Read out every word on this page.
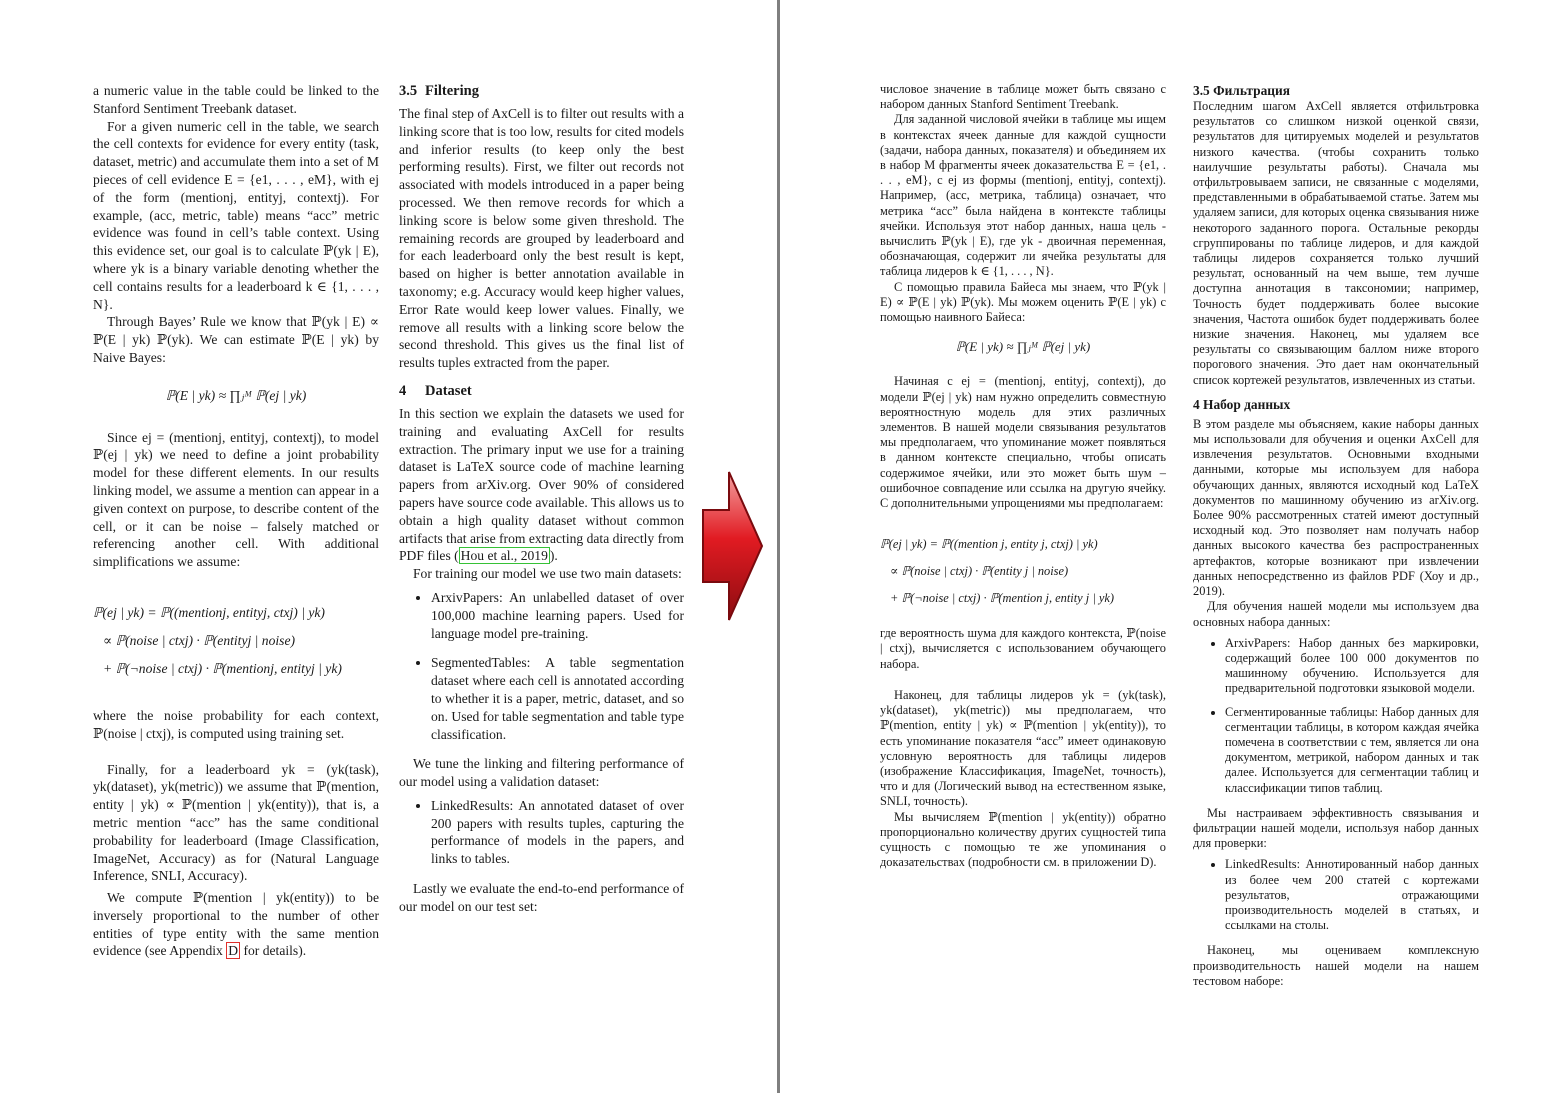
a numeric value in the table could be linked to the Stanford Sentiment Treebank dataset.

For a given numeric cell in the table, we search the cell contexts for evidence for every entity (task, dataset, metric) and accumulate them into a set of M pieces of cell evidence E = {e1, . . . , eM}, with ej of the form (mentionj, entityj, contextj). For example, (acc, metric, table) means “acc” metric evidence was found in cell’s table context. Using this evidence set, our goal is to calculate ℙ(yk | E), where yk is a binary variable denoting whether the cell contains results for a leaderboard k ∈ {1, . . . , N}.

Through Bayes’ Rule we know that ℙ(yk | E) ∝ ℙ(E | yk) ℙ(yk). We can estimate ℙ(E | yk) by Naive Bayes:

ℙ(E | yk) ≈ ∏ⱼᴹ ℙ(ej | yk)

Since ej = (mentionj, entityj, contextj), to model ℙ(ej | yk) we need to define a joint probability model for these different elements. In our results linking model, we assume a mention can appear in a given context on purpose, to describe content of the cell, or it can be noise – falsely matched or referencing another cell. With additional simplifications we assume:

ℙ(ej | yk) = ℙ((mentionj, entityj, ctxj) | yk)
∝ ℙ(noise | ctxj) · ℙ(entityj | noise)
+ ℙ(¬noise | ctxj) · ℙ(mentionj, entityj | yk)

where the noise probability for each context, ℙ(noise | ctxj), is computed using training set.

Finally, for a leaderboard yk = (yk(task), yk(dataset), yk(metric)) we assume that ℙ(mention, entity | yk) ∝ ℙ(mention | yk(entity)), that is, a metric mention “acc” has the same conditional probability for leaderboard (Image Classification, ImageNet, Accuracy) as for (Natural Language Inference, SNLI, Accuracy).

We compute ℙ(mention | yk(entity)) to be inversely proportional to the number of other entities of type entity with the same mention evidence (see Appendix D for details).

3.5 Filtering

The final step of AxCell is to filter out results with a linking score that is too low, results for cited models and inferior results (to keep only the best performing results). First, we filter out records not associated with models introduced in a paper being processed. We then remove records for which a linking score is below some given threshold. The remaining records are grouped by leaderboard and for each leaderboard only the best result is kept, based on higher is better annotation available in taxonomy; e.g. Accuracy would keep higher values, Error Rate would keep lower values. Finally, we remove all results with a linking score below the second threshold. This gives us the final list of results tuples extracted from the paper.

4 Dataset

In this section we explain the datasets we used for training and evaluating AxCell for results extraction. The primary input we use for a training dataset is LaTeX source code of machine learning papers from arXiv.org. Over 90% of considered papers have source code available. This allows us to obtain a high quality dataset without common artifacts that arise from extracting data directly from PDF files ( Hou et al., 2019 ).

For training our model we use two main datasets:

• ArxivPapers: An unlabelled dataset of over 100,000 machine learning papers. Used for language model pre-training.
• SegmentedTables: A table segmentation dataset where each cell is annotated according to whether it is a paper, metric, dataset, and so on. Used for table segmentation and table type classification.

We tune the linking and filtering performance of our model using a validation dataset:

• LinkedResults: An annotated dataset of over 200 papers with results tuples, capturing the performance of models in the papers, and links to tables.

Lastly we evaluate the end-to-end performance of our model on our test set:

числовое значение в таблице может быть связано с набором данных Stanford Sentiment Treebank.

Для заданной числовой ячейки в таблице мы ищем в контекстах ячеек данные для каждой сущности (задачи, набора данных, показателя) и объединяем их в набор M фрагменты ячеек доказательства E = {e1, . . . , eM}, с ej из формы (mentionj, entityj, contextj). Например, (acc, метрика, таблица) означает, что метрика “acc” была найдена в контексте таблицы ячейки. Используя этот набор данных, наша цель - вычислить ℙ(yk | E), где yk - двоичная переменная, обозначающая, содержит ли ячейка результаты для таблица лидеров k ∈ {1, . . . , N}.

С помощью правила Байеса мы знаем, что ℙ(yk | E) ∝ ℙ(E | yk) ℙ(yk). Мы можем оценить ℙ(E | yk) с помощью наивного Байеса:

ℙ(E | yk) ≈ ∏ⱼᴹ ℙ(ej | yk)

Начиная с ej = (mentionj, entityj, contextj), до модели ℙ(ej | yk) нам нужно определить совместную вероятностную модель для этих различных элементов. В нашей модели связывания результатов мы предполагаем, что упоминание может появляться в данном контексте специально, чтобы описать содержимое ячейки, или это может быть шум – ошибочное совпадение или ссылка на другую ячейку. С дополнительными упрощениями мы предполагаем:

ℙ(ej | yk) = ℙ((mention j, entity j, ctxj) | yk)
∝ ℙ(noise | ctxj) · ℙ(entity j | noise)
+ ℙ(¬noise | ctxj) · ℙ(mention j, entity j | yk)

где вероятность шума для каждого контекста, ℙ(noise | ctxj), вычисляется с использованием обучающего набора.

Наконец, для таблицы лидеров yk = (yk(task), yk(dataset), yk(metric)) мы предполагаем, что ℙ(mention, entity | yk) ∝ ℙ(mention | yk(entity)), то есть упоминание показателя “acc” имеет одинаковую условную вероятность для таблицы лидеров (изображение Классификация, ImageNet, точность), что и для (Логический вывод на естественном языке, SNLI, точность).

Мы вычисляем ℙ(mention | yk(entity)) обратно пропорционально количеству других сущностей типа сущность с помощью те же упоминания о доказательствах (подробности см. в приложении D).

3.5 Фильтрация

Последним шагом AxCell является отфильтровка результатов со слишком низкой оценкой связи, результатов для цитируемых моделей и результатов низкого качества. (чтобы сохранить только наилучшие результаты работы). Сначала мы отфильтровываем записи, не связанные с моделями, представленными в обрабатываемой статье. Затем мы удаляем записи, для которых оценка связывания ниже некоторого заданного порога. Остальные рекорды сгруппированы по таблице лидеров, и для каждой таблицы лидеров сохраняется только лучший результат, основанный на чем выше, тем лучше доступна аннотация в таксономии; например, Точность будет поддерживать более высокие значения, Частота ошибок будет поддерживать более низкие значения. Наконец, мы удаляем все результаты со связывающим баллом ниже второго порогового значения. Это дает нам окончательный список кортежей результатов, извлеченных из статьи.

4 Набор данных

В этом разделе мы объясняем, какие наборы данных мы использовали для обучения и оценки AxCell для извлечения результатов. Основными входными данными, которые мы используем для набора обучающих данных, являются исходный код LaTeX документов по машинному обучению из arXiv.org. Более 90% рассмотренных статей имеют доступный исходный код. Это позволяет нам получать набор данных высокого качества без распространенных артефактов, которые возникают при извлечении данных непосредственно из файлов PDF (Хоу и др., 2019).

Для обучения нашей модели мы используем два основных набора данных:

• ArxivPapers: Набор данных без маркировки, содержащий более 100 000 документов по машинному обучению. Используется для предварительной подготовки языковой модели.
• Сегментированные таблицы: Набор данных для сегментации таблицы, в котором каждая ячейка помечена в соответствии с тем, является ли она документом, метрикой, набором данных и так далее. Используется для сегментации таблиц и классификации типов таблиц.

Мы настраиваем эффективность связывания и фильтрации нашей модели, используя набор данных для проверки:

• LinkedResults: Аннотированный набор данных из более чем 200 статей с кортежами результатов, отражающими производительность моделей в статьях, и ссылками на столы.

Наконец, мы оцениваем комплексную производительность нашей модели на нашем тестовом наборе:
